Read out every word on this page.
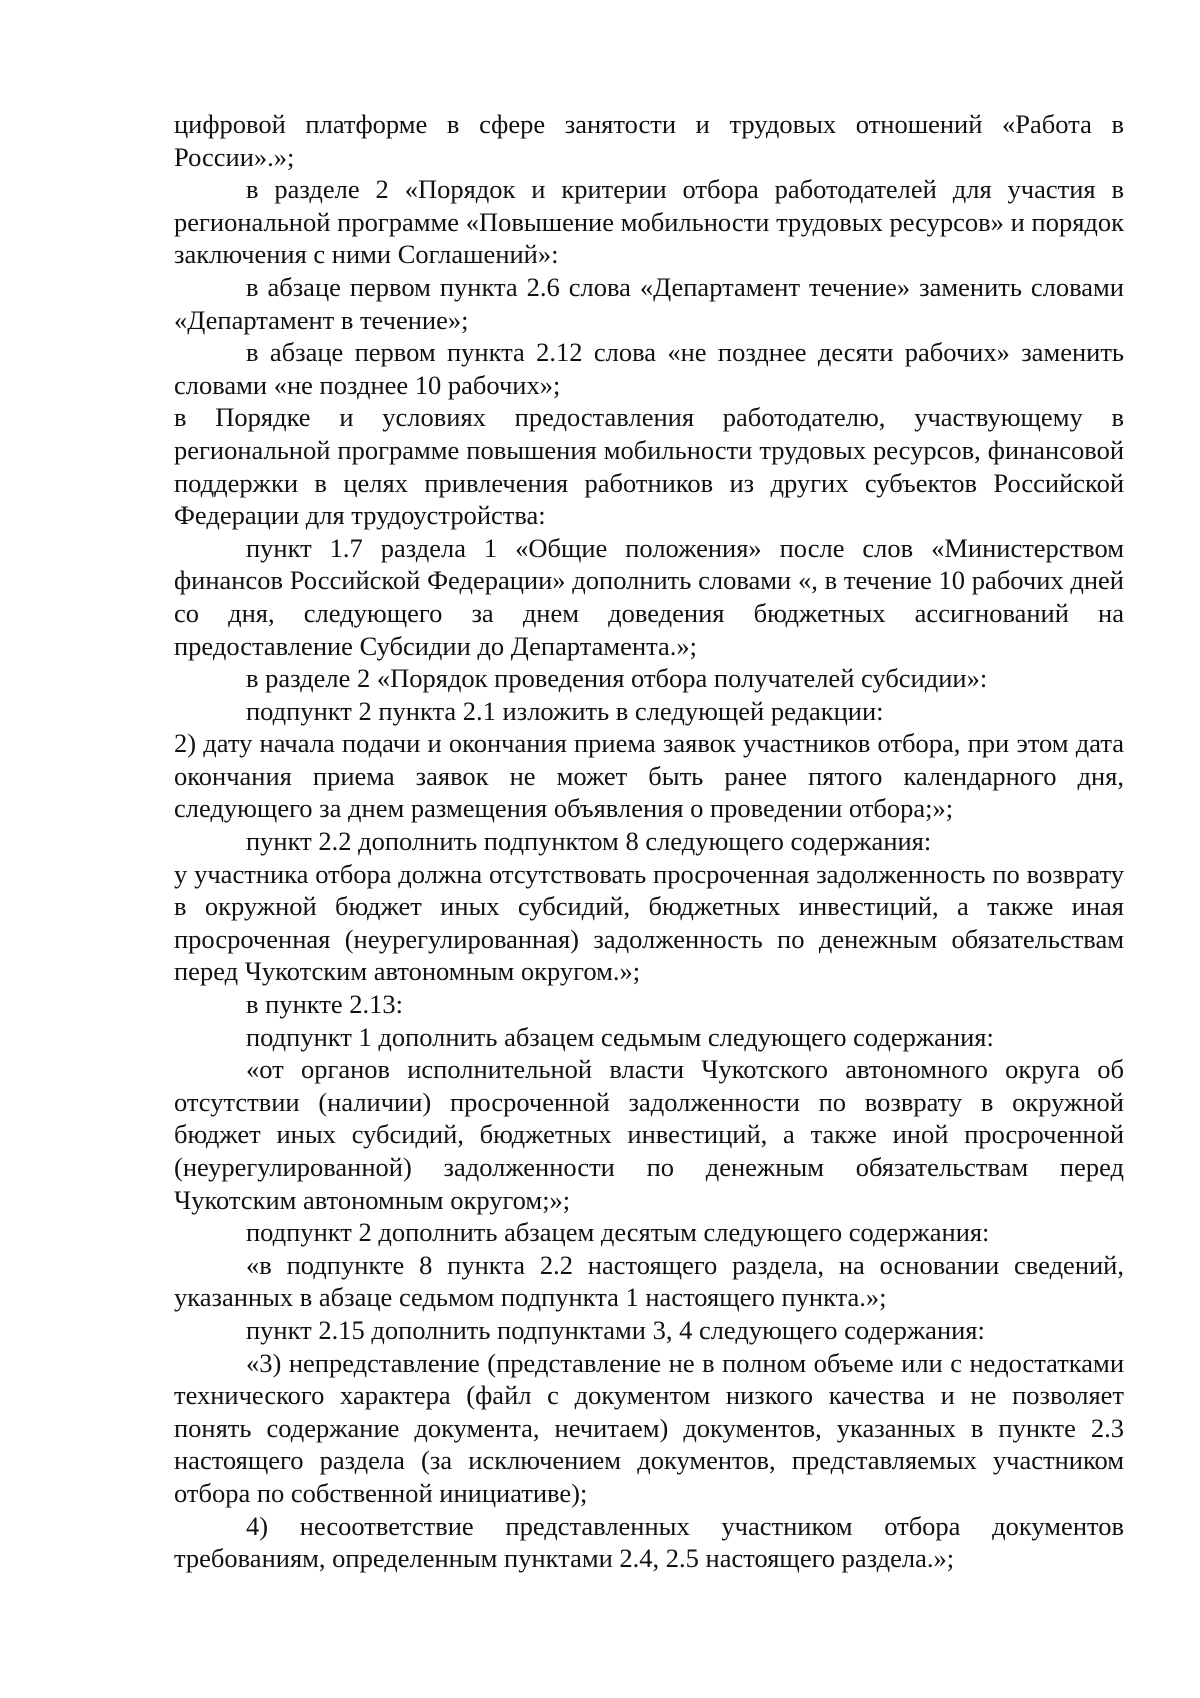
цифровой платформе в сфере занятости и трудовых отношений «Работа в России».»;

в разделе 2 «Порядок и критерии отбора работодателей для участия в региональной программе «Повышение мобильности трудовых ресурсов» и порядок заключения с ними Соглашений»:

в абзаце первом пункта 2.6 слова «Департамент течение» заменить словами «Департамент в течение»;

в абзаце первом пункта 2.12 слова «не позднее десяти рабочих» заменить словами «не позднее 10 рабочих»;

в Порядке и условиях предоставления работодателю, участвующему в региональной программе повышения мобильности трудовых ресурсов, финансовой поддержки в целях привлечения работников из других субъектов Российской Федерации для трудоустройства:

пункт 1.7 раздела 1 «Общие положения» после слов «Министерством финансов Российской Федерации» дополнить словами «, в течение 10 рабочих дней со дня, следующего за днем доведения бюджетных ассигнований на предоставление Субсидии до Департамента.»;

в разделе 2 «Порядок проведения отбора получателей субсидии»:

подпункт 2 пункта 2.1 изложить в следующей редакции:

2) дату начала подачи и окончания приема заявок участников отбора, при этом дата окончания приема заявок не может быть ранее пятого календарного дня, следующего за днем размещения объявления о проведении отбора;»;

пункт 2.2 дополнить подпунктом 8 следующего содержания:

у участника отбора должна отсутствовать просроченная задолженность по возврату в окружной бюджет иных субсидий, бюджетных инвестиций, а также иная просроченная (неурегулированная) задолженность по денежным обязательствам перед Чукотским автономным округом.»;

в пункте 2.13:

подпункт 1 дополнить абзацем седьмым следующего содержания:

«от органов исполнительной власти Чукотского автономного округа об отсутствии (наличии) просроченной задолженности по возврату в окружной бюджет иных субсидий, бюджетных инвестиций, а также иной просроченной (неурегулированной) задолженности по денежным обязательствам перед Чукотским автономным округом;»;

подпункт 2 дополнить абзацем десятым следующего содержания:

«в подпункте 8 пункта 2.2 настоящего раздела, на основании сведений, указанных в абзаце седьмом подпункта 1 настоящего пункта.»;

пункт 2.15 дополнить подпунктами 3, 4 следующего содержания:

«3) непредставление (представление не в полном объеме или с недостатками технического характера (файл с документом низкого качества и не позволяет понять содержание документа, нечитаем) документов, указанных в пункте 2.3 настоящего раздела (за исключением документов, представляемых участником отбора по собственной инициативе);

4) несоответствие представленных участником отбора документов требованиям, определенным пунктами 2.4, 2.5 настоящего раздела.»;
